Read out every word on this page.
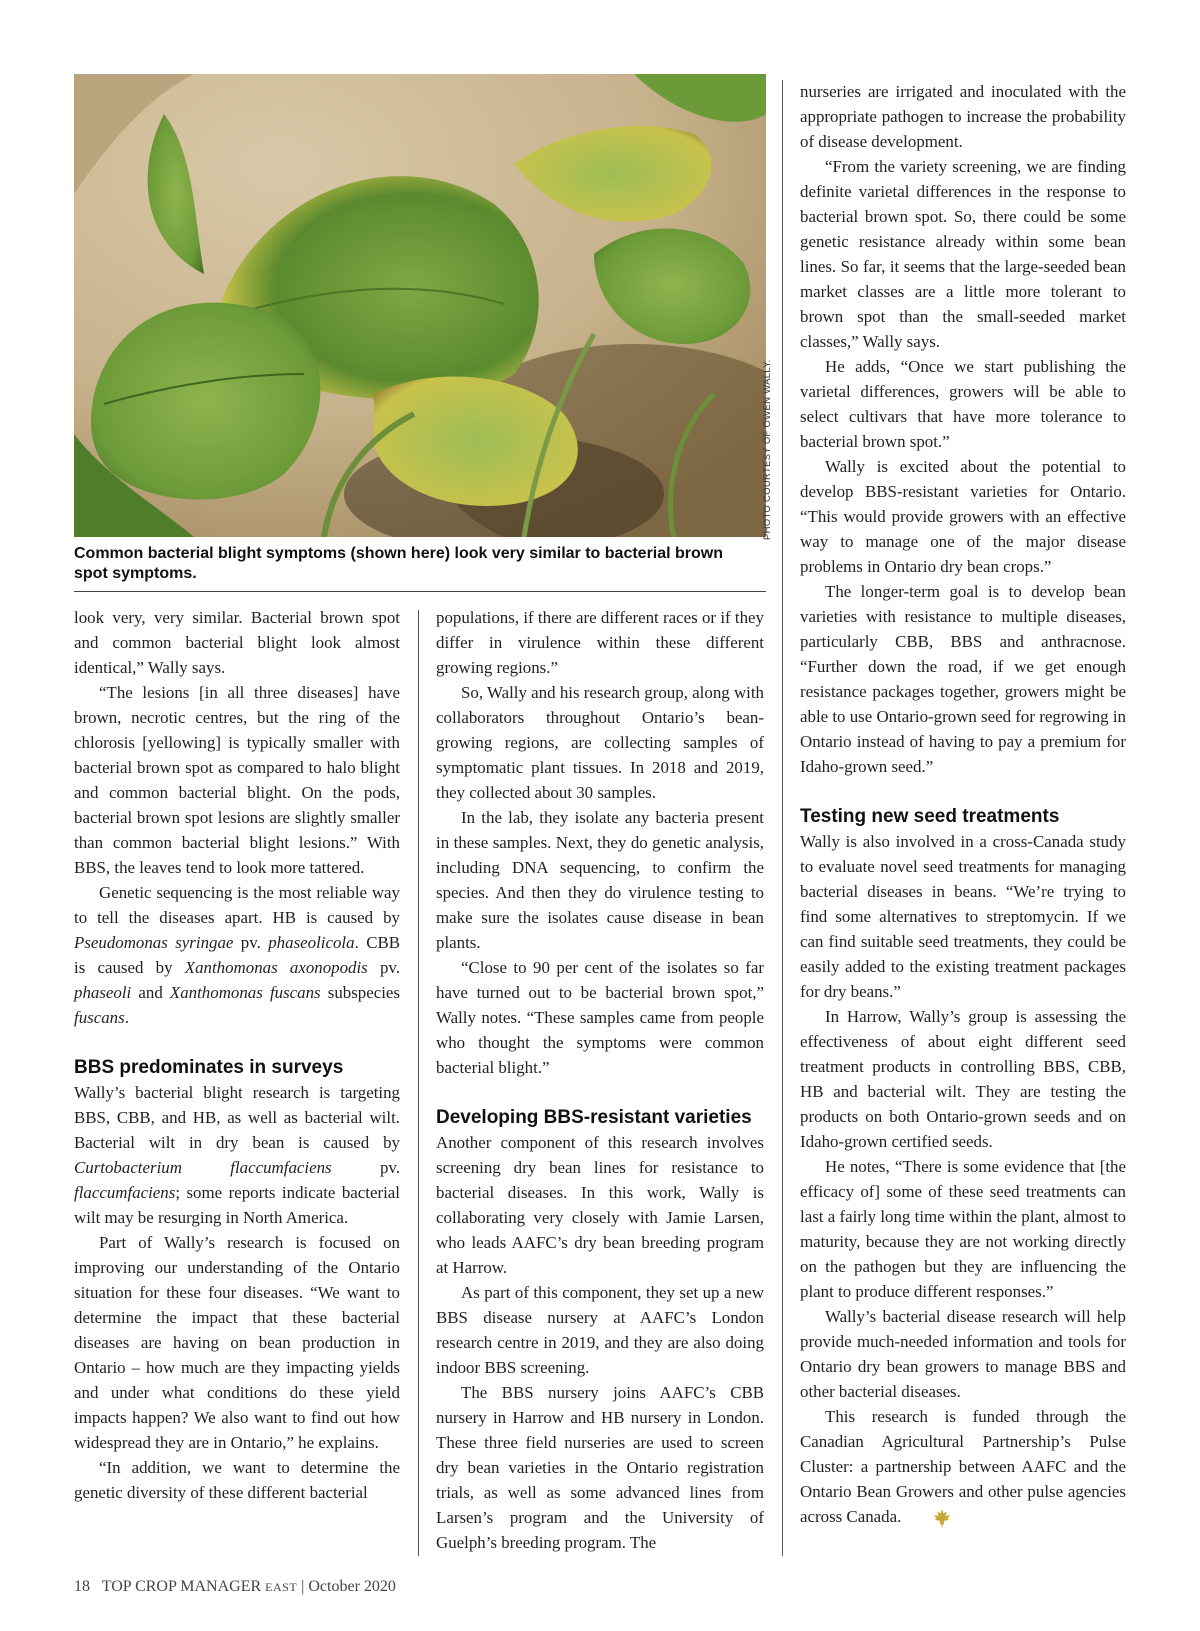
PHOTO COURTESY OF OWEN WALLY.
Common bacterial blight symptoms (shown here) look very similar to bacterial brown spot symptoms.

look very, very similar. Bacterial brown spot and common bacterial blight look almost identical,” Wally says.

“The lesions [in all three diseases] have brown, necrotic centres, but the ring of the chlorosis [yellowing] is typically smaller with bacterial brown spot as compared to halo blight and common bacterial blight. On the pods, bacterial brown spot lesions are slightly smaller than common bacterial blight lesions.” With BBS, the leaves tend to look more tattered.

Genetic sequencing is the most reliable way to tell the diseases apart. HB is caused by Pseudomonas syringae pv. phaseolicola. CBB is caused by Xanthomonas axonopodis pv. phaseoli and Xanthomonas fuscans subspecies fuscans.

BBS predominates in surveys

Wally’s bacterial blight research is targeting BBS, CBB, and HB, as well as bacterial wilt. Bacterial wilt in dry bean is caused by Curtobacterium flaccumfaciens pv. flaccumfaciens; some reports indicate bacterial wilt may be resurging in North America.

Part of Wally’s research is focused on improving our understanding of the Ontario situation for these four diseases. “We want to determine the impact that these bacterial diseases are having on bean production in Ontario – how much are they impacting yields and under what conditions do these yield impacts happen? We also want to find out how widespread they are in Ontario,” he explains.

“In addition, we want to determine the genetic diversity of these different bacterial

populations, if there are different races or if they differ in virulence within these different growing regions.”

So, Wally and his research group, along with collaborators throughout Ontario’s bean-growing regions, are collecting samples of symptomatic plant tissues. In 2018 and 2019, they collected about 30 samples.

In the lab, they isolate any bacteria present in these samples. Next, they do genetic analysis, including DNA sequencing, to confirm the species. And then they do virulence testing to make sure the isolates cause disease in bean plants.

“Close to 90 per cent of the isolates so far have turned out to be bacterial brown spot,” Wally notes. “These samples came from people who thought the symptoms were common bacterial blight.”

Developing BBS-resistant varieties

Another component of this research involves screening dry bean lines for resistance to bacterial diseases. In this work, Wally is collaborating very closely with Jamie Larsen, who leads AAFC’s dry bean breeding program at Harrow.

As part of this component, they set up a new BBS disease nursery at AAFC’s London research centre in 2019, and they are also doing indoor BBS screening.

The BBS nursery joins AAFC’s CBB nursery in Harrow and HB nursery in London. These three field nurseries are used to screen dry bean varieties in the Ontario registration trials, as well as some advanced lines from Larsen’s program and the University of Guelph’s breeding program. The

nurseries are irrigated and inoculated with the appropriate pathogen to increase the probability of disease development.

“From the variety screening, we are finding definite varietal differences in the response to bacterial brown spot. So, there could be some genetic resistance already within some bean lines. So far, it seems that the large-seeded bean market classes are a little more tolerant to brown spot than the small-seeded market classes,” Wally says.

He adds, “Once we start publishing the varietal differences, growers will be able to select cultivars that have more tolerance to bacterial brown spot.”

Wally is excited about the potential to develop BBS-resistant varieties for Ontario. “This would provide growers with an effective way to manage one of the major disease problems in Ontario dry bean crops.”

The longer-term goal is to develop bean varieties with resistance to multiple diseases, particularly CBB, BBS and anthracnose. “Further down the road, if we get enough resistance packages together, growers might be able to use Ontario-grown seed for regrowing in Ontario instead of having to pay a premium for Idaho-grown seed.”

Testing new seed treatments

Wally is also involved in a cross-Canada study to evaluate novel seed treatments for managing bacterial diseases in beans. “We’re trying to find some alternatives to streptomycin. If we can find suitable seed treatments, they could be easily added to the existing treatment packages for dry beans.”

In Harrow, Wally’s group is assessing the effectiveness of about eight different seed treatment products in controlling BBS, CBB, HB and bacterial wilt. They are testing the products on both Ontario-grown seeds and on Idaho-grown certified seeds.

He notes, “There is some evidence that [the efficacy of] some of these seed treatments can last a fairly long time within the plant, almost to maturity, because they are not working directly on the pathogen but they are influencing the plant to produce different responses.”

Wally’s bacterial disease research will help provide much-needed information and tools for Ontario dry bean growers to manage BBS and other bacterial diseases.

This research is funded through the Canadian Agricultural Partnership’s Pulse Cluster: a partnership between AAFC and the Ontario Bean Growers and other pulse agencies across Canada.

18 TOP CROP MANAGER EAST | October 2020
